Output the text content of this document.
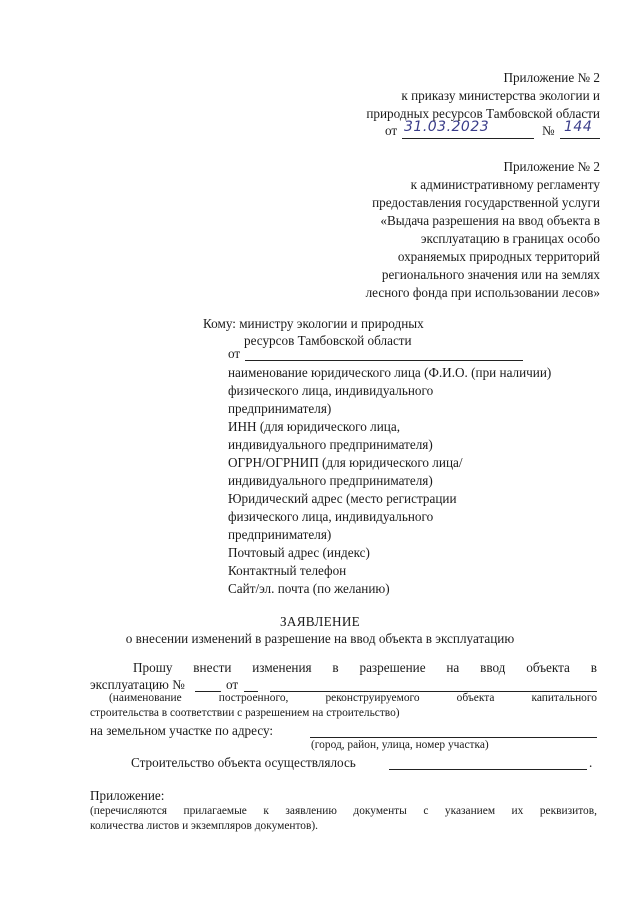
Приложение № 2
к приказу министерства экологии и
природных ресурсов Тамбовской области
от 31.03.2023	№ 144
Приложение № 2
к административному регламенту
предоставления государственной услуги
«Выдача разрешения на ввод объекта в
эксплуатацию в границах особо
охраняемых природных территорий
регионального значения или на землях
лесного фонда при использовании лесов»
Кому: министру экологии и природных
ресурсов Тамбовской области
от
наименование юридического лица (Ф.И.О. (при наличии)
физического лица, индивидуального
предпринимателя)
ИНН (для юридического лица,
индивидуального предпринимателя)
ОГРН/ОГРНИП (для юридического лица/
индивидуального предпринимателя)
Юридический адрес (место регистрации
физического лица, индивидуального
предпринимателя)
Почтовый адрес (индекс)
Контактный телефон
Сайт/эл. почта (по желанию)
ЗАЯВЛЕНИЕ
о внесении изменений в разрешение на ввод объекта в эксплуатацию
Прошу внести изменения в разрешение на ввод объекта в
эксплуатацию №	от
(наименование	построенного,	реконструируемого	объекта	капитального
строительства в соответствии с разрешением на строительство)
на земельном участке по адресу:
(город, район, улица, номер участка)
Строительство объекта осуществлялось	.
Приложение:
(перечисляются прилагаемые к заявлению документы с указанием их реквизитов,
количества листов и экземпляров документов).
